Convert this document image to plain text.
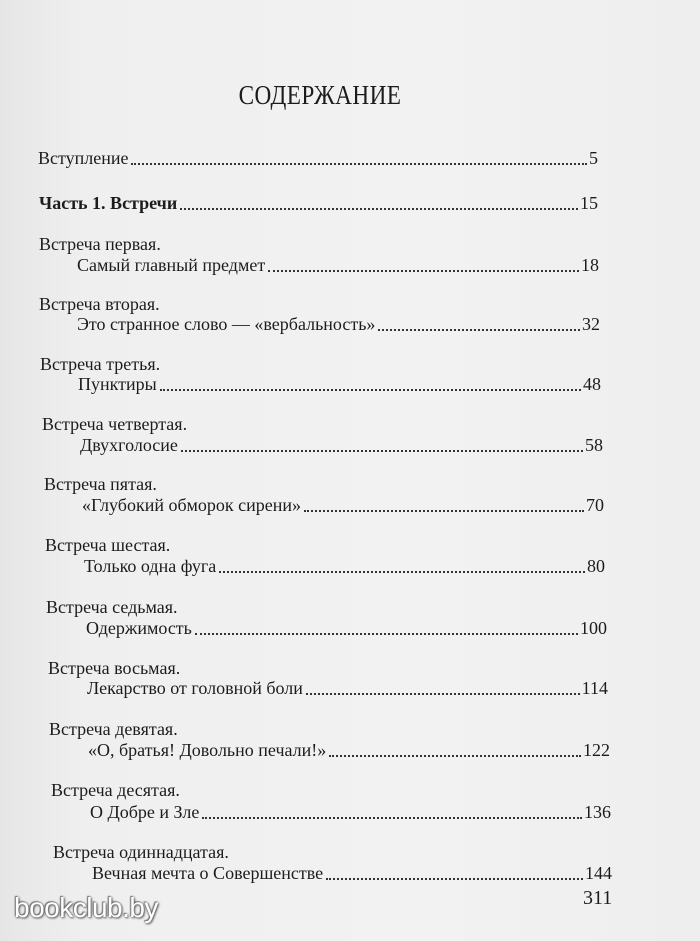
СОДЕРЖАНИЕ
Вступление	5
Часть 1. Встречи	15
Встреча первая.
Самый главный предмет	18
Встреча вторая.
Это странное слово — «вербальность»	32
Встреча третья.
Пунктиры	48
Встреча четвертая.
Двухголосие	58
Встреча пятая.
«Глубокий обморок сирени»	70
Встреча шестая.
Только одна фуга	80
Встреча седьмая.
Одержимость	100
Встреча восьмая.
Лекарство от головной боли	114
Встреча девятая.
«О, братья! Довольно печали!»	122
Встреча десятая.
О Добре и Зле	136
Встреча одиннадцатая.
Вечная мечта о Совершенстве	144
311
bookclub.by
